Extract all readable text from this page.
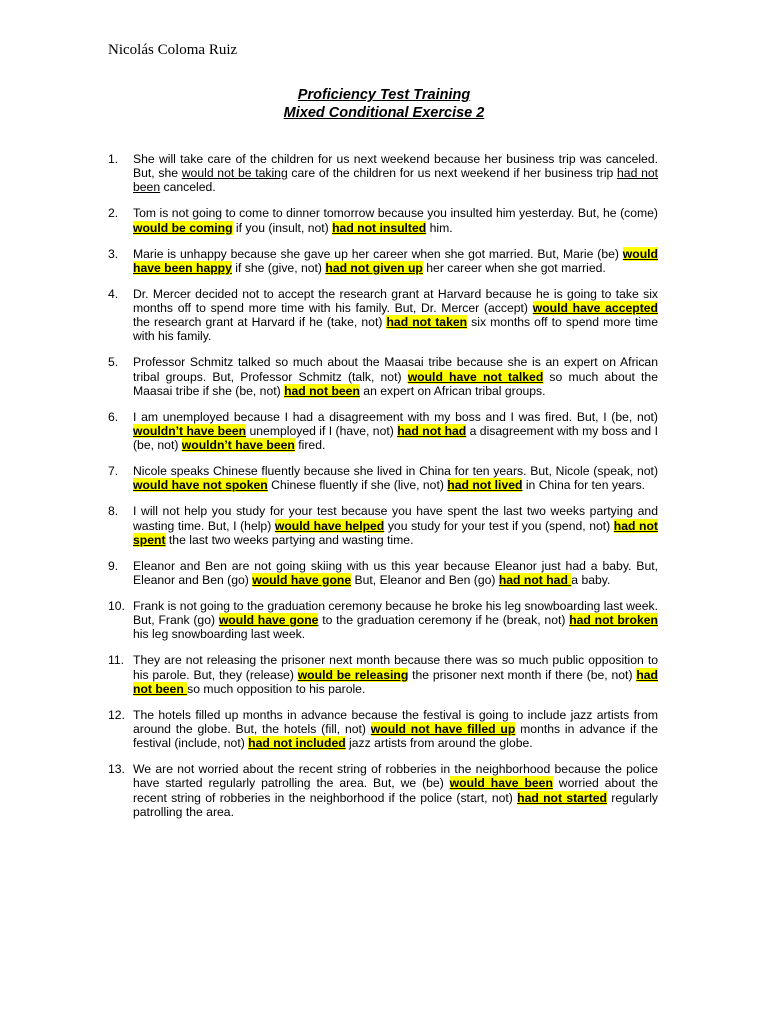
Nicolás Coloma Ruiz
Proficiency Test Training
Mixed Conditional Exercise 2
1. She will take care of the children for us next weekend because her business trip was canceled. But, she would not be taking care of the children for us next weekend if her business trip had not been canceled.
2. Tom is not going to come to dinner tomorrow because you insulted him yesterday. But, he (come) would be coming if you (insult, not) had not insulted him.
3. Marie is unhappy because she gave up her career when she got married. But, Marie (be) would have been happy if she (give, not) had not given up her career when she got married.
4. Dr. Mercer decided not to accept the research grant at Harvard because he is going to take six months off to spend more time with his family. But, Dr. Mercer (accept) would have accepted the research grant at Harvard if he (take, not) had not taken six months off to spend more time with his family.
5. Professor Schmitz talked so much about the Maasai tribe because she is an expert on African tribal groups. But, Professor Schmitz (talk, not) would have not talked so much about the Maasai tribe if she (be, not) had not been an expert on African tribal groups.
6. I am unemployed because I had a disagreement with my boss and I was fired. But, I (be, not) wouldn’t have been unemployed if I (have, not) had not had a disagreement with my boss and I (be, not) wouldn’t have been fired.
7. Nicole speaks Chinese fluently because she lived in China for ten years. But, Nicole (speak, not) would have not spoken Chinese fluently if she (live, not) had not lived in China for ten years.
8. I will not help you study for your test because you have spent the last two weeks partying and wasting time. But, I (help) would have helped you study for your test if you (spend, not) had not spent the last two weeks partying and wasting time.
9. Eleanor and Ben are not going skiing with us this year because Eleanor just had a baby. But, Eleanor and Ben (go) would have gone But, Eleanor and Ben (go) had not had a baby.
10. Frank is not going to the graduation ceremony because he broke his leg snowboarding last week. But, Frank (go) would have gone to the graduation ceremony if he (break, not) had not broken his leg snowboarding last week.
11. They are not releasing the prisoner next month because there was so much public opposition to his parole. But, they (release) would be releasing the prisoner next month if there (be, not) had not been so much opposition to his parole.
12. The hotels filled up months in advance because the festival is going to include jazz artists from around the globe. But, the hotels (fill, not) would not have filled up months in advance if the festival (include, not) had not included jazz artists from around the globe.
13. We are not worried about the recent string of robberies in the neighborhood because the police have started regularly patrolling the area. But, we (be) would have been worried about the recent string of robberies in the neighborhood if the police (start, not) had not started regularly patrolling the area.
